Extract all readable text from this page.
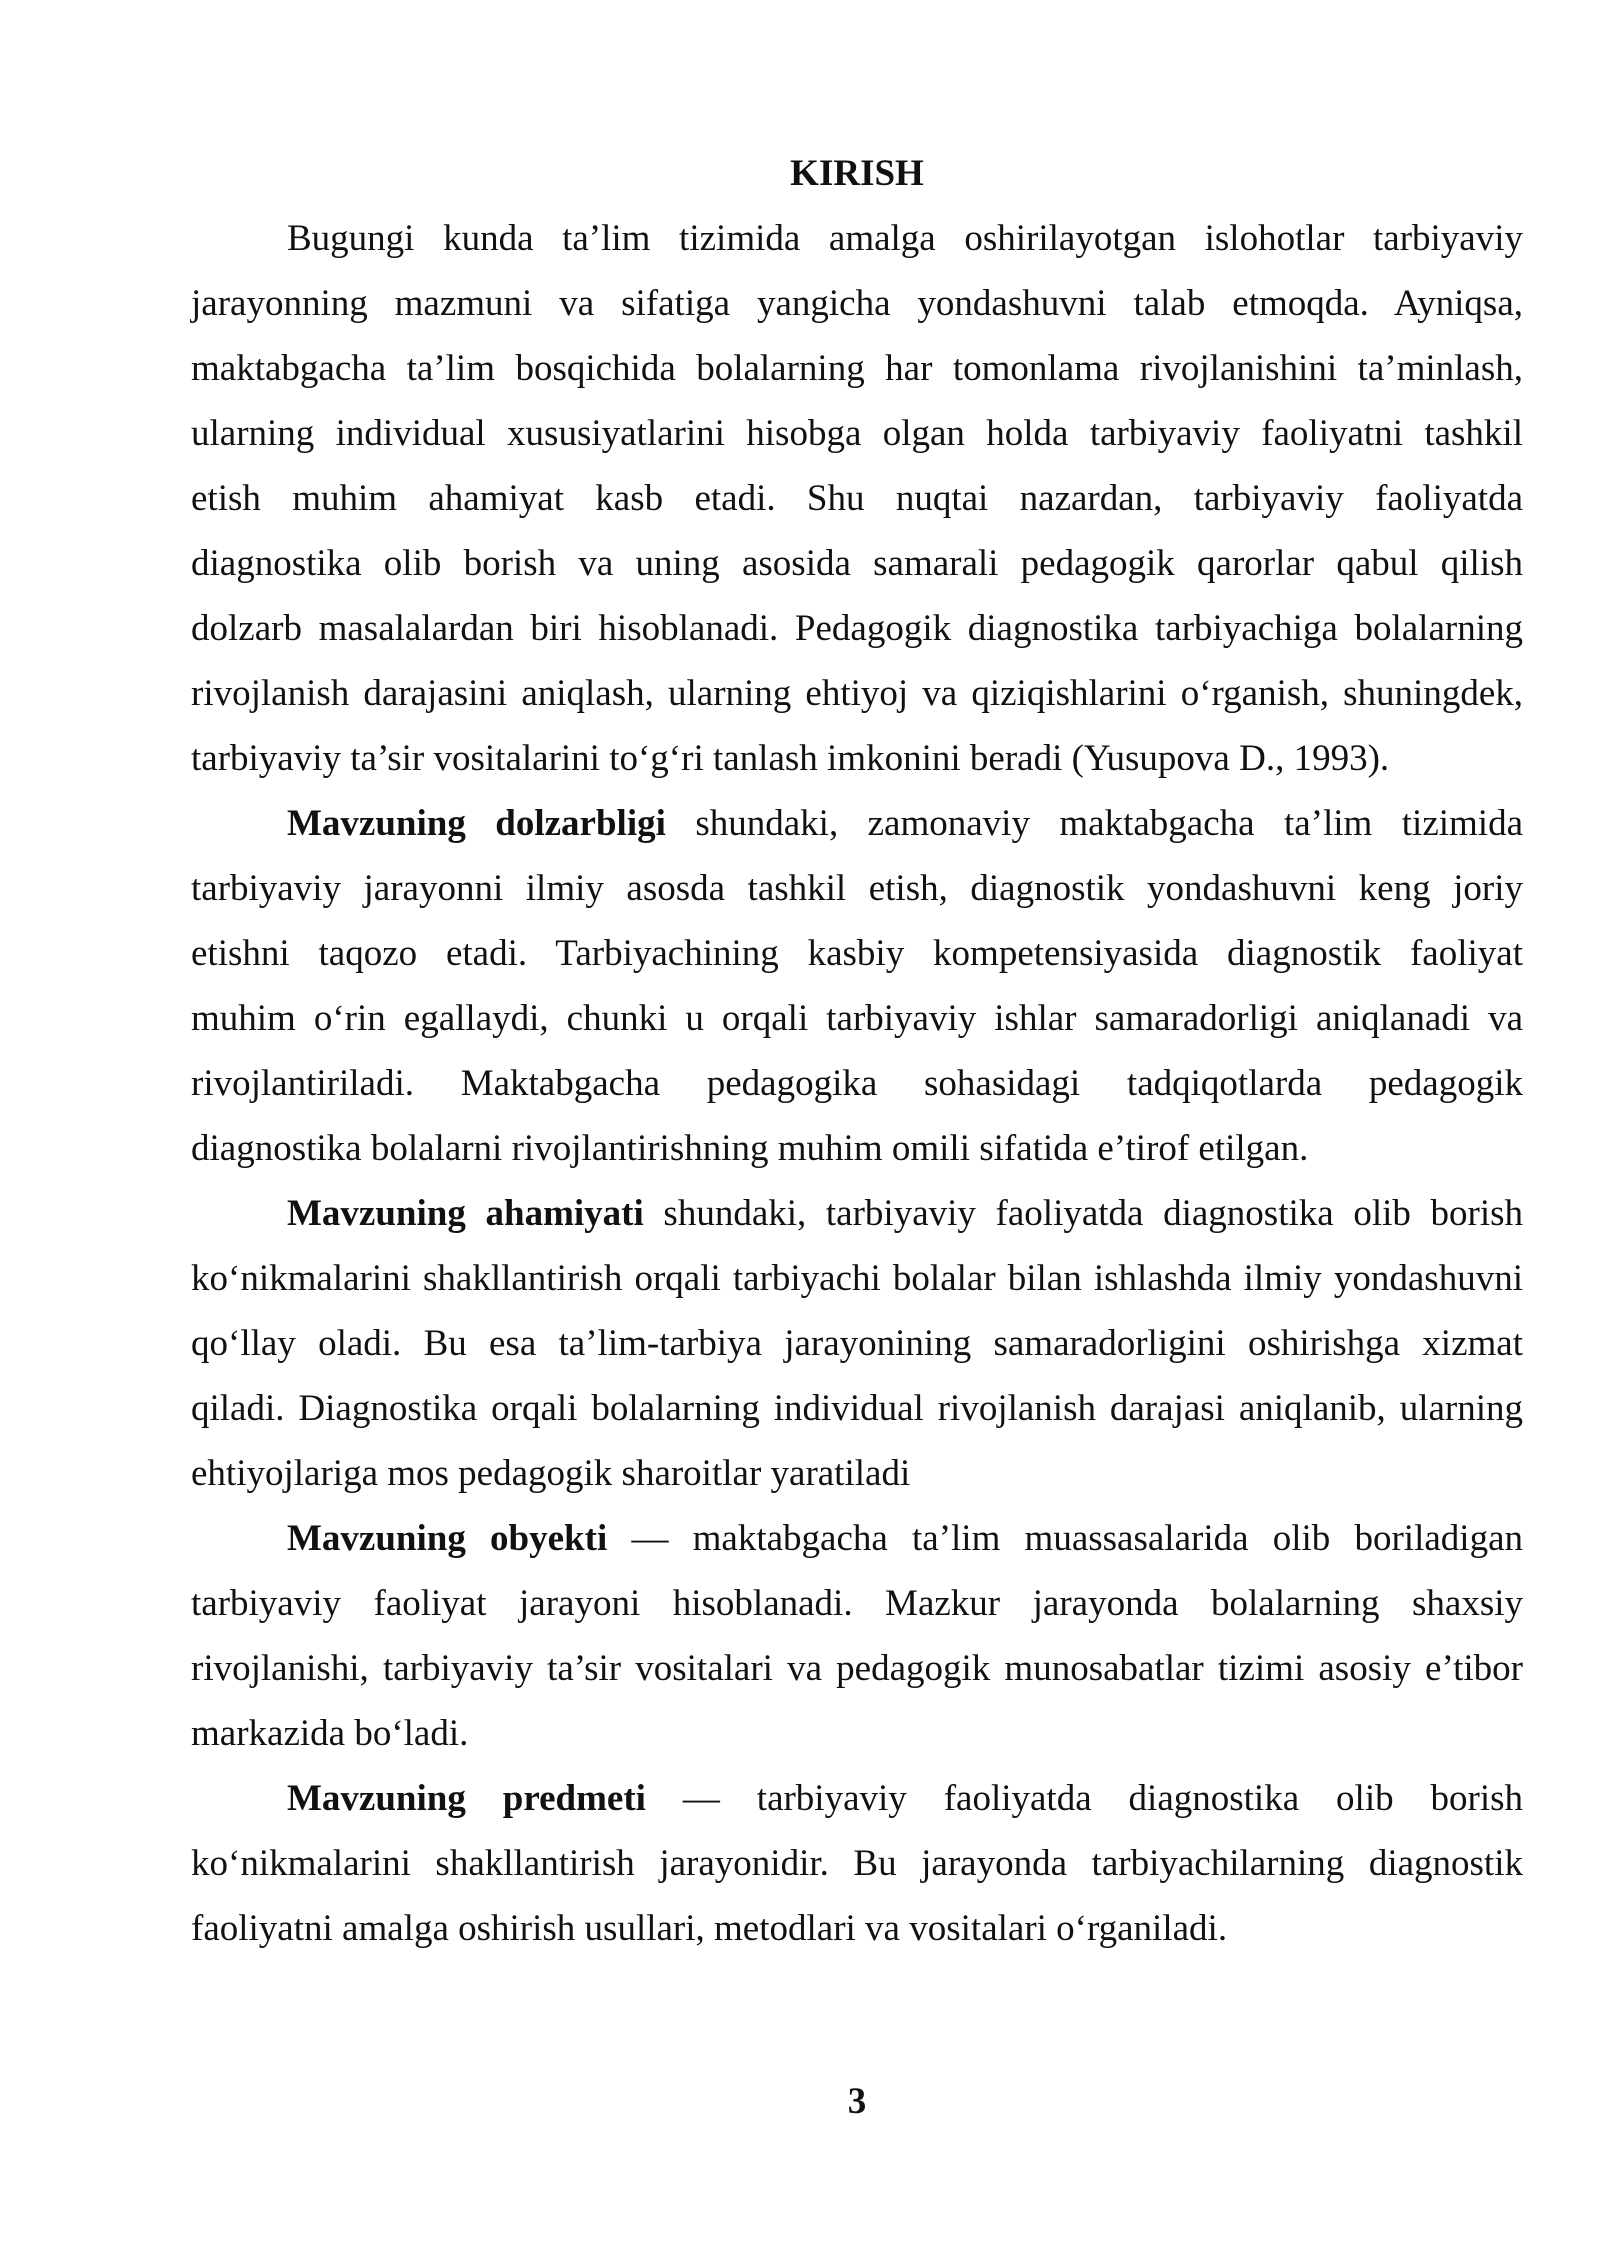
KIRISH
Bugungi kunda ta’lim tizimida amalga oshirilayotgan islohotlar tarbiyaviy
jarayonning mazmuni va sifatiga yangicha yondashuvni talab etmoqda. Ayniqsa,
maktabgacha ta’lim bosqichida bolalarning har tomonlama rivojlanishini ta’minlash,
ularning individual xususiyatlarini hisobga olgan holda tarbiyaviy faoliyatni tashkil
etish muhim ahamiyat kasb etadi. Shu nuqtai nazardan, tarbiyaviy faoliyatda
diagnostika olib borish va uning asosida samarali pedagogik qarorlar qabul qilish
dolzarb masalalardan biri hisoblanadi. Pedagogik diagnostika tarbiyachiga bolalarning
rivojlanish darajasini aniqlash, ularning ehtiyoj va qiziqishlarini o‘rganish, shuningdek,
tarbiyaviy ta’sir vositalarini to‘g‘ri tanlash imkonini beradi (Yusupova D., 1993).
Mavzuning dolzarbligi shundaki, zamonaviy maktabgacha ta’lim tizimida
tarbiyaviy jarayonni ilmiy asosda tashkil etish, diagnostik yondashuvni keng joriy
etishni taqozo etadi. Tarbiyachining kasbiy kompetensiyasida diagnostik faoliyat
muhim o‘rin egallaydi, chunki u orqali tarbiyaviy ishlar samaradorligi aniqlanadi va
rivojlantiriladi. Maktabgacha pedagogika sohasidagi tadqiqotlarda pedagogik
diagnostika bolalarni rivojlantirishning muhim omili sifatida e’tirof etilgan.
Mavzuning ahamiyati shundaki, tarbiyaviy faoliyatda diagnostika olib borish
ko‘nikmalarini shakllantirish orqali tarbiyachi bolalar bilan ishlashda ilmiy yondashuvni
qo‘llay oladi. Bu esa ta’lim-tarbiya jarayonining samaradorligini oshirishga xizmat
qiladi. Diagnostika orqali bolalarning individual rivojlanish darajasi aniqlanib, ularning
ehtiyojlariga mos pedagogik sharoitlar yaratiladi
Mavzuning obyekti — maktabgacha ta’lim muassasalarida olib boriladigan
tarbiyaviy faoliyat jarayoni hisoblanadi. Mazkur jarayonda bolalarning shaxsiy
rivojlanishi, tarbiyaviy ta’sir vositalari va pedagogik munosabatlar tizimi asosiy e’tibor
markazida bo‘ladi.
Mavzuning predmeti — tarbiyaviy faoliyatda diagnostika olib borish
ko‘nikmalarini shakllantirish jarayonidir. Bu jarayonda tarbiyachilarning diagnostik
faoliyatni amalga oshirish usullari, metodlari va vositalari o‘rganiladi.
3
